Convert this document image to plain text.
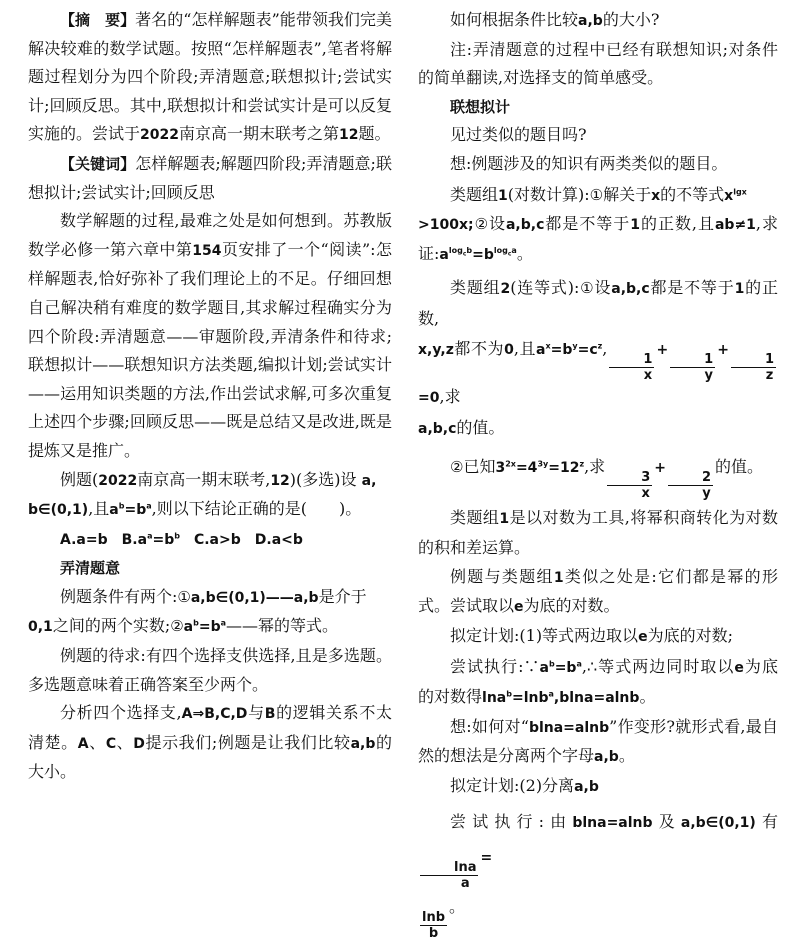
【摘　要】著名的“怎样解题表”能带领我们完美解决较难的数学试题。按照“怎样解题表”,笔者将解题过程划分为四个阶段;弄清题意;联想拟计;尝试实计;回顾反思。其中,联想拟计和尝试实计是可以反复实施的。尝试于2022南京高一期末联考之第12题。

【关键词】怎样解题表;解题四阶段;弄清题意;联想拟计;尝试实计;回顾反思

数学解题的过程,最难之处是如何想到。苏教版数学必修一第六章中第154页安排了一个“阅读”:怎样解题表,恰好弥补了我们理论上的不足。仔细回想自己解决稍有难度的数学题目,其求解过程确实分为四个阶段:弄清题意——审题阶段,弄清条件和待求;联想拟计——联想知识方法类题,编拟计划;尝试实计——运用知识类题的方法,作出尝试求解,可多次重复上述四个步骤;回顾反思——既是总结又是改进,既是提炼又是推广。

例题(2022南京高一期末联考,12)(多选)设 a,
b∈(0,1),且$a^b=b^a$,则以下结论正确的是(　　)。

A.a=b $B.a^a=b^b$ C.a>b D.a<b

弄清题意

例题条件有两个:①a,b∈(0,1)——a,b是介于
0,1之间的两个实数$;②a^b=b^a——$幂的等式。

例题的待求:有四个选择支供选择,且是多选题。多选题意味着正确答案至少两个。

分析四个选择支,A⇒B,C,D与B的逻辑关系不太清楚。A、C、D提示我们;例题是让我们比较a,b的大小。

如何根据条件比较a,b的大小?

注:弄清题意的过程中已经有联想知识;对条件的简单翻读,对选择支的简单感受。

联想拟计

见过类似的题目吗?

想:例题涉及的知识有两类类似的题目。

类题组1(对数计算):①解关于x的不等式$x^{lgx}$
>100x;②设a,b,c都是不等于1的正数,且ab≠1,求证$:a^{log_cb}=b^{log_ca}$。

类题组2(连等式):①设a,b,c都是不等于1的正数,
x,y,z都不为0,且$a^x=b^y=c^z$,
$\frac{1}{x}$
+
$\frac{1}{y}$
+
$\frac{1}{z}$
=0,求
a,b,c的值。

②已知$3^{2x}=4^{3y}=12^z$,求
$\frac{3}{x}$
+
$\frac{2}{y}$
的值。

类题组1是以对数为工具,将幂积商转化为对数的积和差运算。

例题与类题组1类似之处是:它们都是幂的形式。尝试取以e为底的对数。

拟定计划:(1)等式两边取以e为底的对数;

尝试执行$:\because a^b=b^a,\therefore$等式两边同时取以e为底的对数得lna$^b$=lnb$^a$,blna=alnb。

想:如何对“blna=alnb”作变形?就形式看,最自然的想法是分离两个字母a,b。

拟定计划:(2)分离a,b

尝试执行:由blna=alnb及a,b∈(0,1)有
$\frac{\ln a}{a}$
=

$\frac{\ln b}{b}$
。
